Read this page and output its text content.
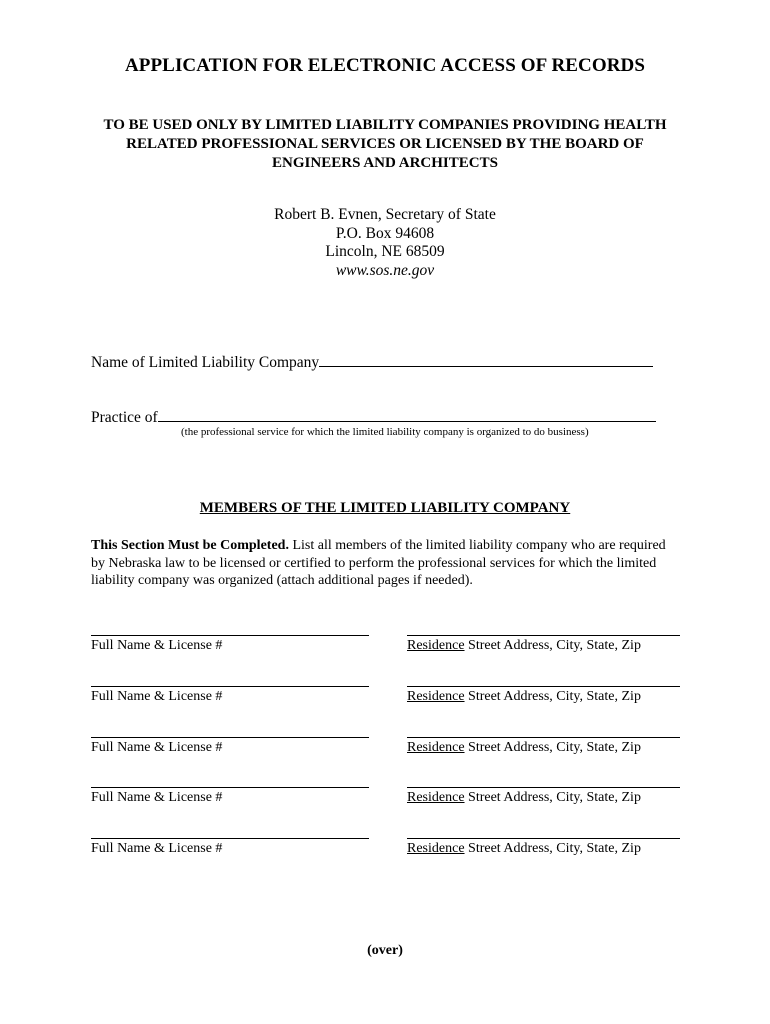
APPLICATION FOR ELECTRONIC ACCESS OF RECORDS
TO BE USED ONLY BY LIMITED LIABILITY COMPANIES PROVIDING HEALTH RELATED PROFESSIONAL SERVICES OR LICENSED BY THE BOARD OF ENGINEERS AND ARCHITECTS
Robert B. Evnen, Secretary of State
P.O. Box 94608
Lincoln, NE 68509
www.sos.ne.gov
Name of Limited Liability Company
Practice of
(the professional service for which the limited liability company is organized to do business)
MEMBERS OF THE LIMITED LIABILITY COMPANY
This Section Must be Completed. List all members of the limited liability company who are required by Nebraska law to be licensed or certified to perform the professional services for which the limited liability company was organized (attach additional pages if needed).
Full Name & License #	Residence Street Address, City, State, Zip
Full Name & License #	Residence Street Address, City, State, Zip
Full Name & License #	Residence Street Address, City, State, Zip
Full Name & License #	Residence Street Address, City, State, Zip
Full Name & License #	Residence Street Address, City, State, Zip
(over)
